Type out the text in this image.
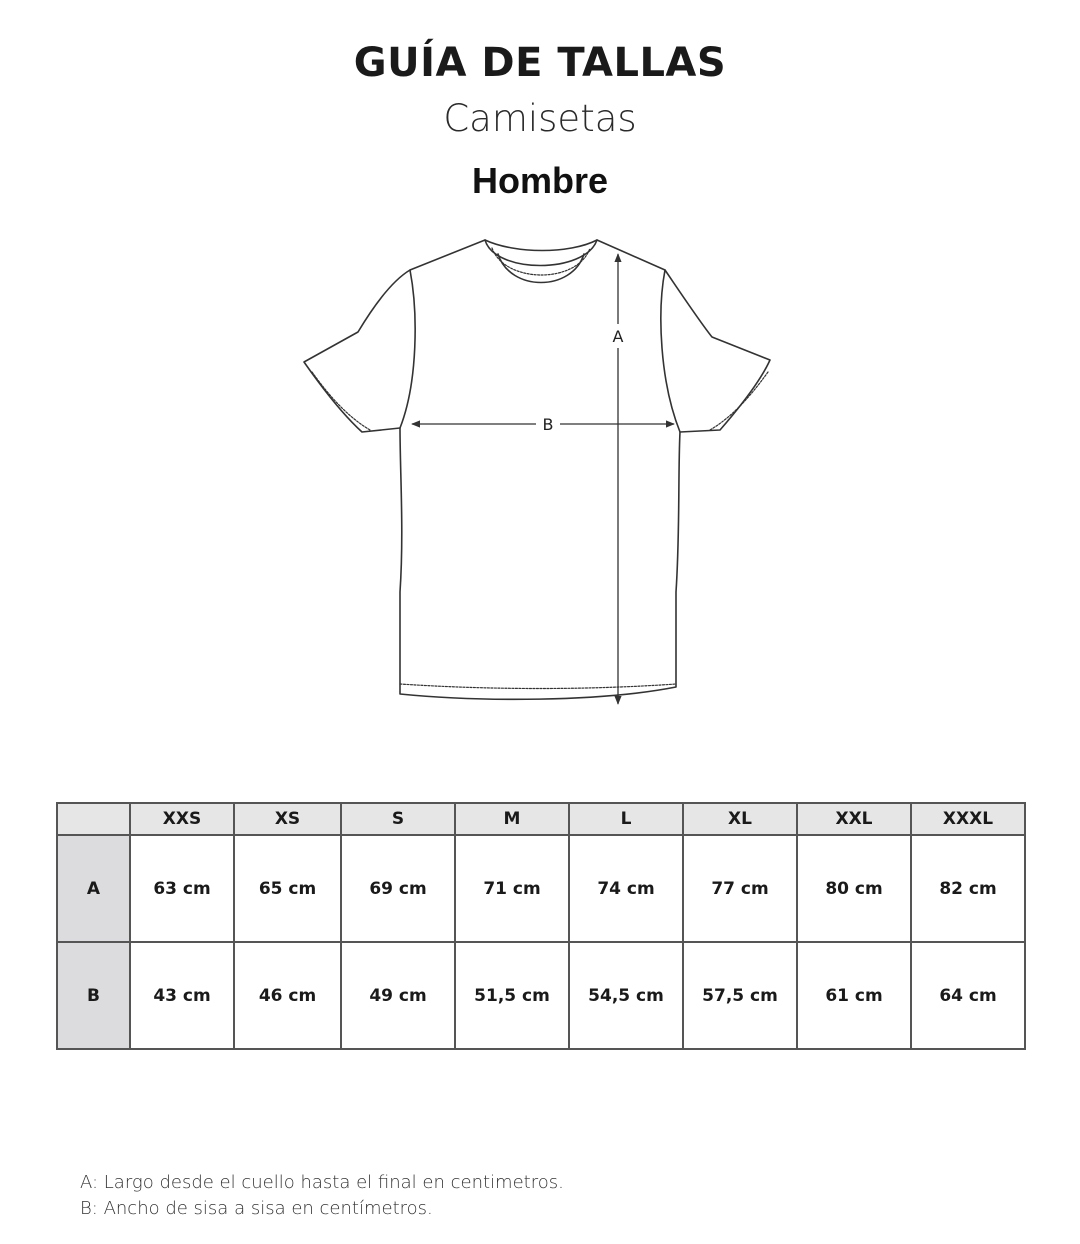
GUÍA DE TALLAS
Camisetas
Hombre
A
B
	XXS	XS	S	M	L	XL	XXL	XXXL
A	63 cm	65 cm	69 cm	71 cm	74 cm	77 cm	80 cm	82 cm
B	43 cm	46 cm	49 cm	51,5 cm	54,5 cm	57,5 cm	61 cm	64 cm
A: Largo desde el cuello hasta el final en centimetros.
B: Ancho de sisa a sisa en centímetros.
